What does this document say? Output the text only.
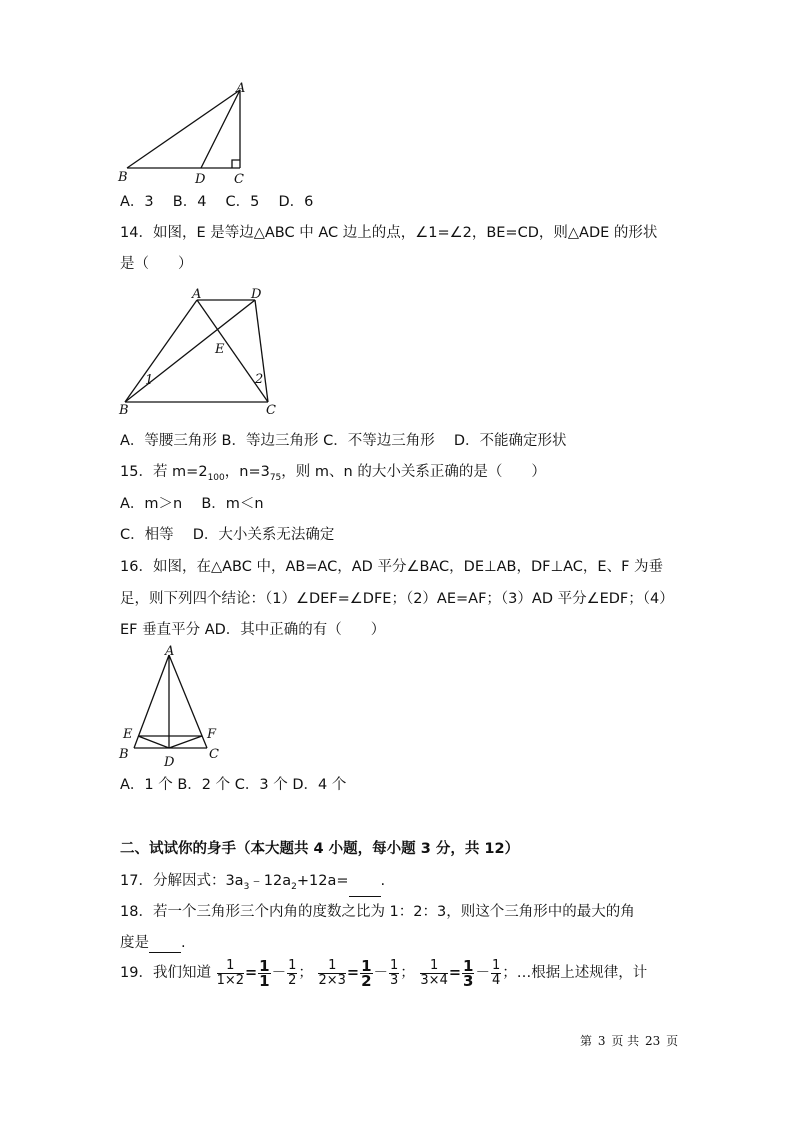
A
B	D C
A．3　 B．4　 C．5　 D．6
14．如图，E 是等边△ABC 中 AC 边上的点，∠1=∠2，BE=CD，则△ADE 的形状
是（　　）
A	D
E
1	2
B	C
A．等腰三角形 B．等边三角形 C．不等边三角形　 D．不能确定形状
15．若 $m=2_{100}$，$n=3_{75}$，则 m、n 的大小关系正确的是（　　）
A．m＞n　 B．m＜n
C．相等　 D．大小关系无法确定
16．如图，在△ABC 中，AB=AC，AD 平分∠BAC，DE⊥AB，DF⊥AC，E、F 为垂
足，则下列四个结论：（1）∠DEF=∠DFE；（2）AE=AF；（3）AD 平分∠EDF；（4）
EF 垂直平分 AD．其中正确的有（　　）
A
E	F
B	C
D
A．1 个 B．2 个 C．3 个 D．4 个
二、试试你的身手（本大题共 4 小题，每小题 3 分，共 12）
17．分解因式：$3a_3﹣12a_2+12a=$ .
18．若一个三角形三个内角的度数之比为 1：2：3，则这个三角形中的最大的角
度是 .
19．我们知道 $\frac{1}{1\times 2} = \frac{1}{1} - \frac{1}{2}$ ； $\frac{1}{2\times 3} = \frac{1}{2} - \frac{1}{3}$ ； $\frac{1}{3\times 4} = \frac{1}{3} - \frac{1}{4}$ ；…根据上述规律，计
第 3 页 共 23 页
